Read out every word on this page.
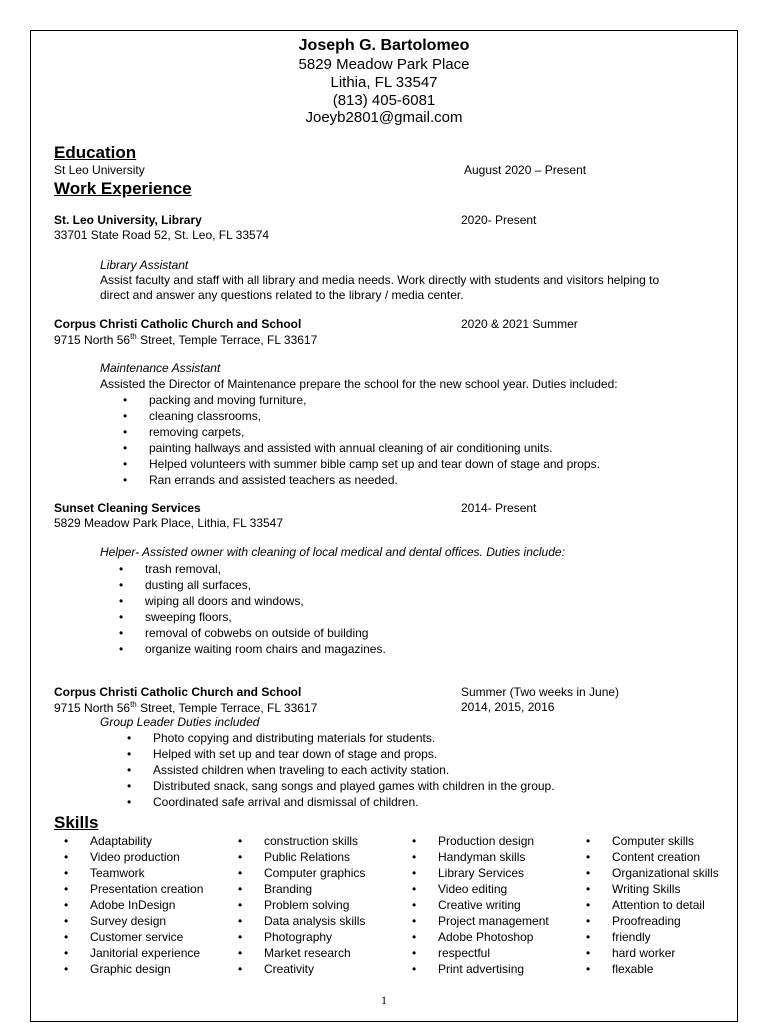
Joseph G. Bartolomeo
5829 Meadow Park Place
Lithia, FL 33547
(813) 405-6081
Joeyb2801@gmail.com
Education
St Leo University	August 2020 – Present
Work Experience
St. Leo University, Library	2020- Present
33701 State Road 52, St. Leo, FL 33574
Library Assistant
Assist faculty and staff with all library and media needs. Work directly with students and visitors helping to
direct and answer any questions related to the library / media center.
Corpus Christi Catholic Church and School	2020 & 2021 Summer
9715 North 56th Street, Temple Terrace, FL 33617
Maintenance Assistant
Assisted the Director of Maintenance prepare the school for the new school year. Duties included:
• packing and moving furniture,
• cleaning classrooms,
• removing carpets,
• painting hallways and assisted with annual cleaning of air conditioning units.
• Helped volunteers with summer bible camp set up and tear down of stage and props.
• Ran errands and assisted teachers as needed.
Sunset Cleaning Services	2014- Present
5829 Meadow Park Place, Lithia, FL 33547
Helper- Assisted owner with cleaning of local medical and dental offices. Duties include:
• trash removal,
• dusting all surfaces,
• wiping all doors and windows,
• sweeping floors,
• removal of cobwebs on outside of building
• organize waiting room chairs and magazines.
Corpus Christi Catholic Church and School	Summer (Two weeks in June)
9715 North 56th Street, Temple Terrace, FL 33617	2014, 2015, 2016
Group Leader Duties included
• Photo copying and distributing materials for students.
• Helped with set up and tear down of stage and props.
• Assisted children when traveling to each activity station.
• Distributed snack, sang songs and played games with children in the group.
• Coordinated safe arrival and dismissal of children.
Skills
• Adaptability
• Video production
• Teamwork
• Presentation creation
• Adobe InDesign
• Survey design
• Customer service
• Janitorial experience
• Graphic design
• construction skills
• Public Relations
• Computer graphics
• Branding
• Problem solving
• Data analysis skills
• Photography
• Market research
• Creativity
• Production design
• Handyman skills
• Library Services
• Video editing
• Creative writing
• Project management
• Adobe Photoshop
• respectful
• Print advertising
• Computer skills
• Content creation
• Organizational skills
• Writing Skills
• Attention to detail
• Proofreading
• friendly
• hard worker
• flexable
1
